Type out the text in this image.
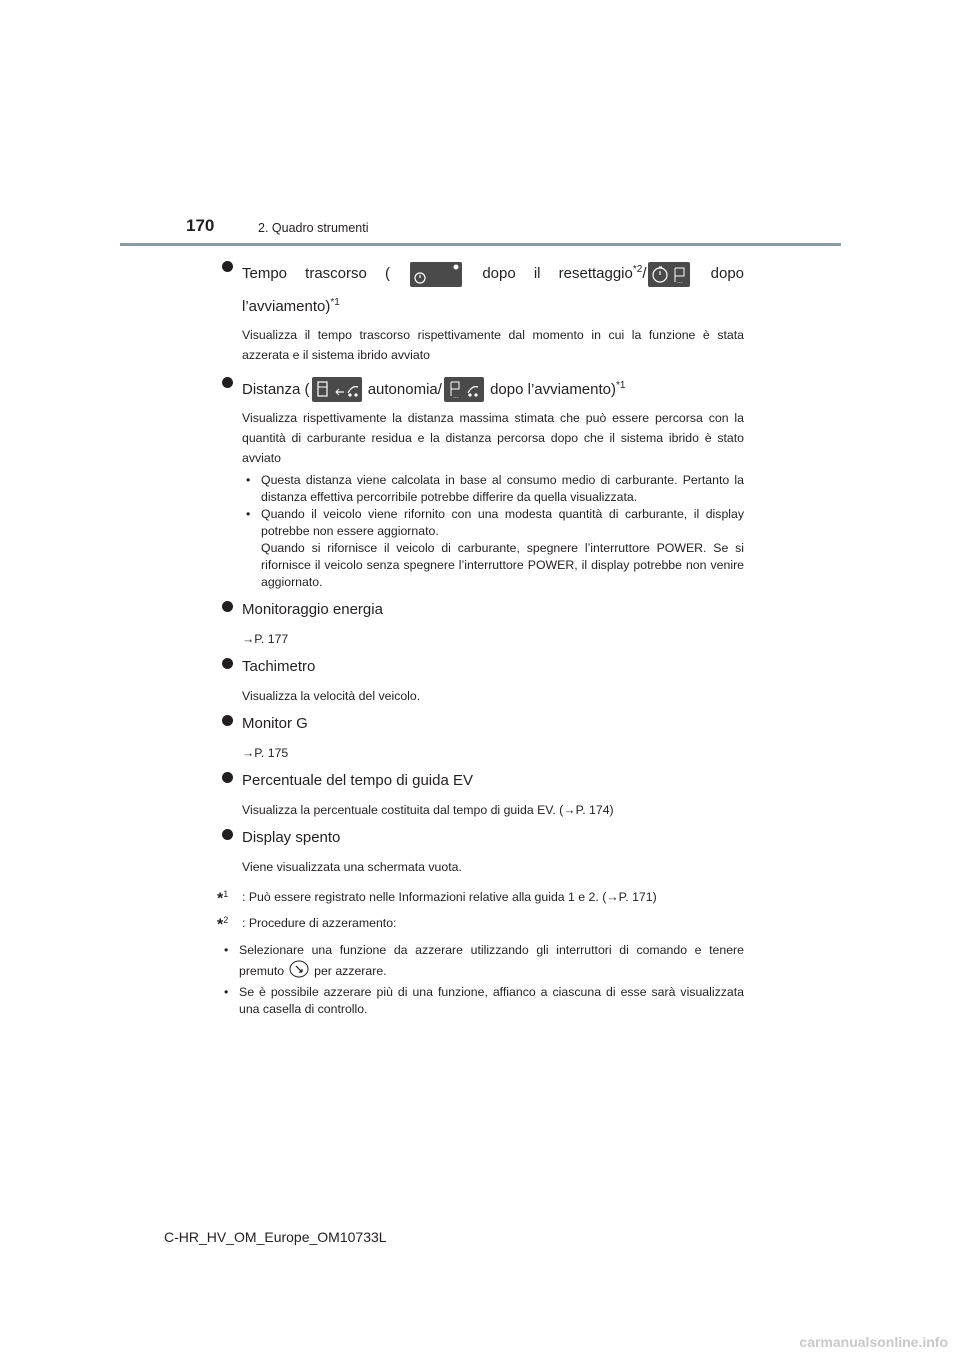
170	2. Quadro strumenti
Tempo trascorso (	dopo il resettaggio$^{*2}$/	... dopo
l’avviamento)$^{*1}$
Visualizza il tempo trascorso rispettivamente dal momento in cui la funzione è stata azzerata e il sistema ibrido avviato
Distanza (	autonomia/ ... dopo l’avviamento)$^{*1}$
Visualizza rispettivamente la distanza massima stimata che può essere percorsa con la quantità di carburante residua e la distanza percorsa dopo che il sistema ibrido è stato avviato
• Questa distanza viene calcolata in base al consumo medio di carburante. Pertanto la distanza effettiva percorribile potrebbe differire da quella visualizzata.
• Quando il veicolo viene rifornito con una modesta quantità di carburante, il display potrebbe non essere aggiornato.
Quando si rifornisce il veicolo di carburante, spegnere l’interruttore POWER. Se si rifornisce il veicolo senza spegnere l’interruttore POWER, il display potrebbe non venire aggiornato.
Monitoraggio energia
→P. 177
Tachimetro
Visualizza la velocità del veicolo.
Monitor G
→P. 175
Percentuale del tempo di guida EV
Visualizza la percentuale costituita dal tempo di guida EV. (→P. 174)
Display spento
Viene visualizzata una schermata vuota.
*$^1$ : Può essere registrato nelle Informazioni relative alla guida 1 e 2. (→P. 171)
*$^2$ : Procedure di azzeramento:
• Selezionare una funzione da azzerare utilizzando gli interruttori di comando e tenere premuto per azzerare.
• Se è possibile azzerare più di una funzione, affianco a ciascuna di esse sarà visualizzata una casella di controllo.
C-HR_HV_OM_Europe_OM10733L
carmanualsonline.info
